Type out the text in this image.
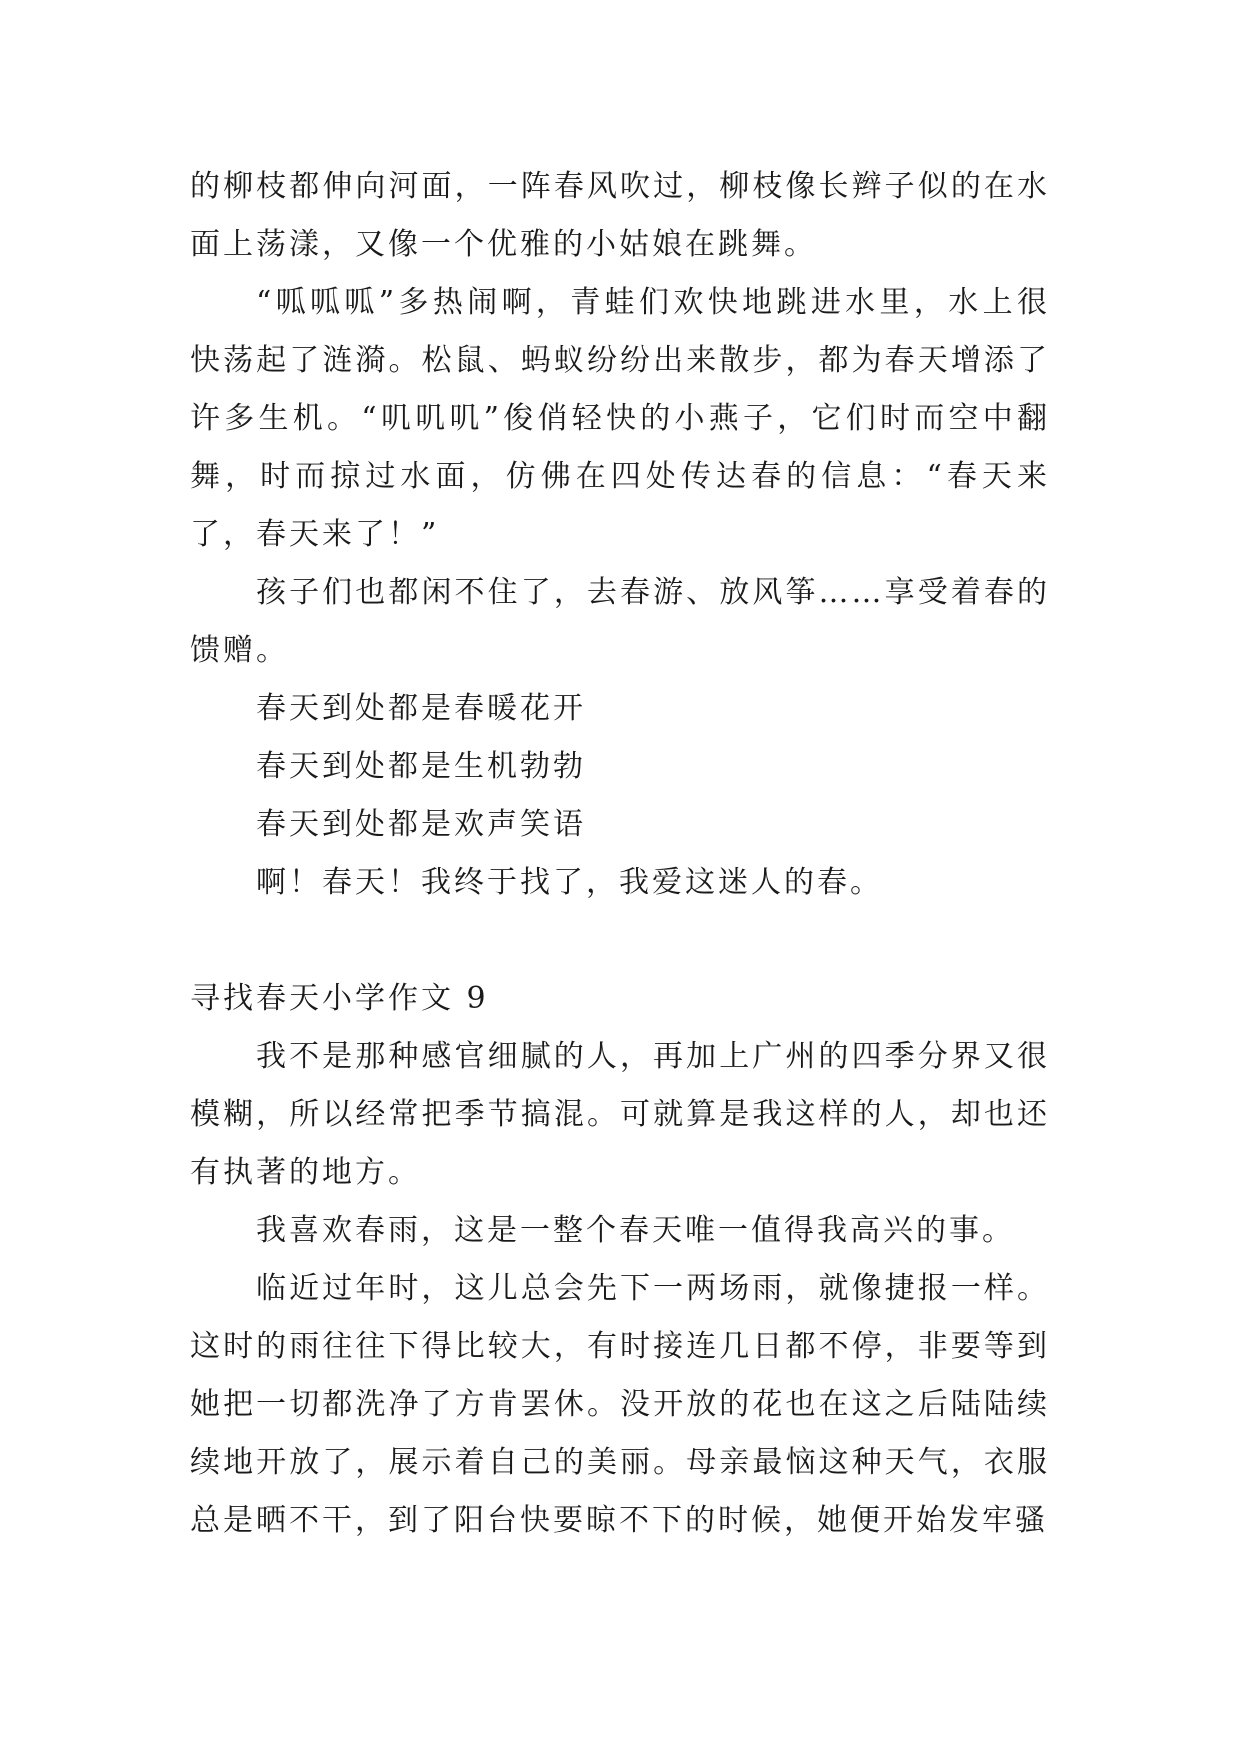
的柳枝都伸向河面，一阵春风吹过，柳枝像长辫子似的在水面上荡漾，又像一个优雅的小姑娘在跳舞。

“呱呱呱”多热闹啊，青蛙们欢快地跳进水里，水上很快荡起了涟漪。松鼠、蚂蚁纷纷出来散步，都为春天增添了许多生机。“叽叽叽”俊俏轻快的小燕子，它们时而空中翻舞，时而掠过水面，仿佛在四处传达春的信息：“春天来了，春天来了！”

孩子们也都闲不住了，去春游、放风筝……享受着春的馈赠。

春天到处都是春暖花开

春天到处都是生机勃勃

春天到处都是欢声笑语

啊！春天！我终于找了，我爱这迷人的春。

寻找春天小学作文 9

我不是那种感官细腻的人，再加上广州的四季分界又很模糊，所以经常把季节搞混。可就算是我这样的人，却也还有执著的地方。

我喜欢春雨，这是一整个春天唯一值得我高兴的事。

临近过年时，这儿总会先下一两场雨，就像捷报一样。这时的雨往往下得比较大，有时接连几日都不停，非要等到她把一切都洗净了方肯罢休。没开放的花也在这之后陆陆续续地开放了，展示着自己的美丽。母亲最恼这种天气，衣服总是晒不干，到了阳台快要晾不下的时候，她便开始发牢骚
